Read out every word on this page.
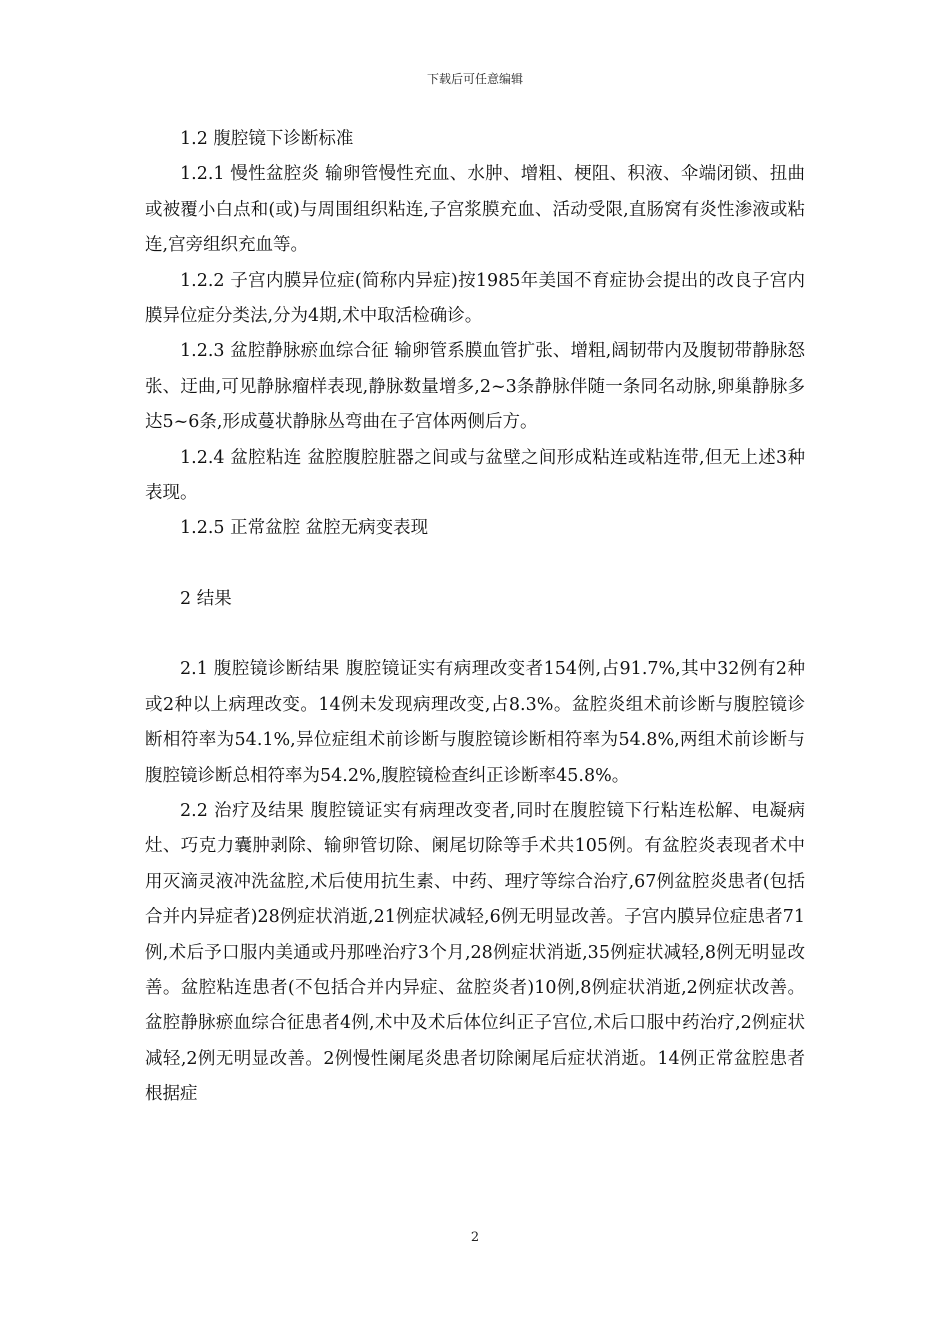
下载后可任意编辑

1.2 腹腔镜下诊断标准

1.2.1 慢性盆腔炎 输卵管慢性充血、水肿、增粗、梗阻、积液、伞端闭锁、扭曲或被覆小白点和(或)与周围组织粘连,子宫浆膜充血、活动受限,直肠窝有炎性渗液或粘连,宫旁组织充血等。

1.2.2 子宫内膜异位症(简称内异症)按1985年美国不育症协会提出的改良子宫内膜异位症分类法,分为4期,术中取活检确诊。

1.2.3 盆腔静脉瘀血综合征 输卵管系膜血管扩张、增粗,阔韧带内及腹韧带静脉怒张、迂曲,可见静脉瘤样表现,静脉数量增多,2~3条静脉伴随一条同名动脉,卵巢静脉多达5~6条,形成蔓状静脉丛弯曲在子宫体两侧后方。

1.2.4 盆腔粘连 盆腔腹腔脏器之间或与盆壁之间形成粘连或粘连带,但无上述3种表现。

1.2.5 正常盆腔 盆腔无病变表现

2 结果

2.1 腹腔镜诊断结果 腹腔镜证实有病理改变者154例,占91.7%,其中32例有2种或2种以上病理改变。14例未发现病理改变,占8.3%。盆腔炎组术前诊断与腹腔镜诊断相符率为54.1%,异位症组术前诊断与腹腔镜诊断相符率为54.8%,两组术前诊断与腹腔镜诊断总相符率为54.2%,腹腔镜检查纠正诊断率45.8%。

2.2 治疗及结果 腹腔镜证实有病理改变者,同时在腹腔镜下行粘连松解、电凝病灶、巧克力囊肿剥除、输卵管切除、阑尾切除等手术共105例。有盆腔炎表现者术中用灭滴灵液冲洗盆腔,术后使用抗生素、中药、理疗等综合治疗,67例盆腔炎患者(包括合并内异症者)28例症状消逝,21例症状减轻,6例无明显改善。子宫内膜异位症患者71例,术后予口服内美通或丹那唑治疗3个月,28例症状消逝,35例症状减轻,8例无明显改善。盆腔粘连患者(不包括合并内异症、盆腔炎者)10例,8例症状消逝,2例症状改善。盆腔静脉瘀血综合征患者4例,术中及术后体位纠正子宫位,术后口服中药治疗,2例症状减轻,2例无明显改善。2例慢性阑尾炎患者切除阑尾后症状消逝。14例正常盆腔患者根据症

2
